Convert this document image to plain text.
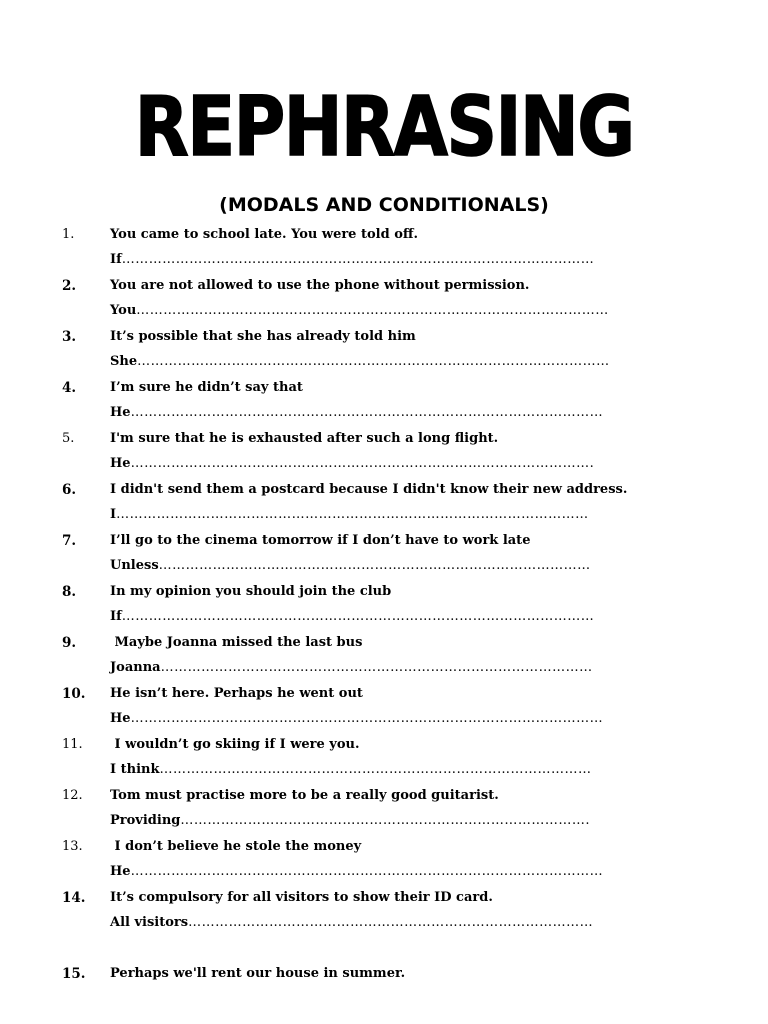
REPHRASING
(MODALS AND CONDITIONALS)
1.	You came to school late. You were told off.
If……………………………………………………………………………………………
2.	You are not allowed to use the phone without permission.
You……………………………………………………………………………………………
3.	It’s possible that she has already told him
She……………………………………………………………………………………………
4.	I’m sure he didn’t say that
He……………………………………………………………………………………………
5.	I'm sure that he is exhausted after such a long flight.
He………………………………………………………………………………………….
6.	I didn't send them a postcard because I didn't know their new address.
I……………………………………………………………………………………………
7.	I’ll go to the cinema tomorrow if I don’t have to work late
Unless……………………………………………………………………………………
8.	In my opinion you should join the club
If……………………………………………………………………………………………
9.	Maybe Joanna missed the last bus
Joanna……………………………………………………………………………………
10. He isn’t here. Perhaps he went out
He……………………………………………………………………………………………
11. I wouldn’t go skiing if I were you.
I think……………………………………………………………………………………
12. Tom must practise more to be a really good guitarist.
Providing……………………………………………………………………………….
13. I don’t believe he stole the money
He……………………………………………………………………………………………
14. It’s compulsory for all visitors to show their ID card.
All visitors………………………………………………………………………………
15. Perhaps we'll rent our house in summer.
